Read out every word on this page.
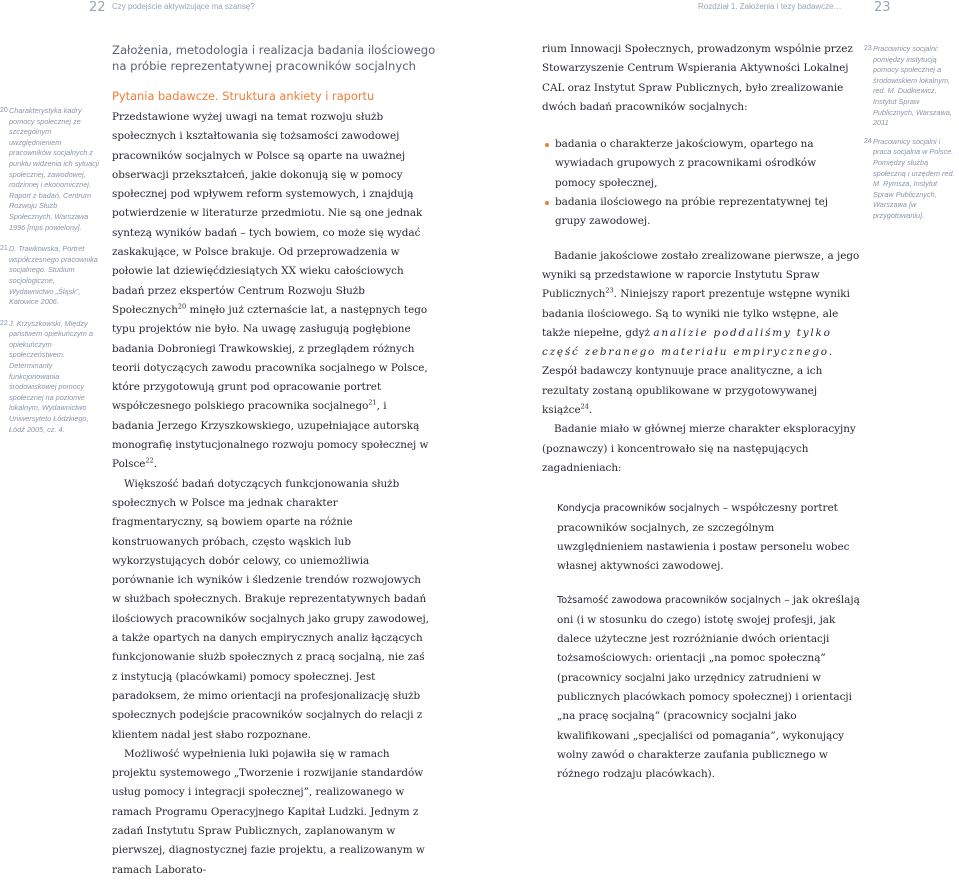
22 Czy podejście aktywizujące ma szansę?	Rozdział 1. Założenia i tezy badawcze… 23

20 Charakterystyka kadry pomocy społecznej ze szczególnym uwzględnieniem pracowników socjalnych z punktu widzenia ich sytuacji społecznej, zawodowej, rodzinnej i ekonomicznej. Raport z badań, Centrum Rozwoju Służb Społecznych, Warszawa 1996 [mps powielony].

21 D. Trawkowska, Portret współczesnego pracownika socjalnego. Studium socjologiczne, Wydawnictwo „Śląsk”, Katowice 2006.

22 J. Krzyszkowski, Między państwem opiekuńczym a opiekuńczym społeczeństwem. Determinanty funkcjonowania środowiskowej pomocy społecznej na poziomie lokalnym, Wydawnictwo Uniwersytetu Łódzkiego, Łódź 2005, cz. 4.

Założenia, metodologia i realizacja badania ilościowego na próbie reprezentatywnej pracowników socjalnych
Pytania badawcze. Struktura ankiety i raportu

Przedstawione wyżej uwagi na temat rozwoju służb społecznych i kształtowania się tożsamości zawodowej pracowników socjalnych w Polsce są oparte na uważnej obserwacji przekształceń, jakie dokonują się w pomocy społecznej pod wpływem reform systemowych, i znajdują potwierdzenie w literaturze przedmiotu. Nie są one jednak syntezą wyników badań – tych bowiem, co może się wydać zaskakujące, w Polsce brakuje. Od przeprowadzenia w połowie lat dziewięćdziesiątych XX wieku całościowych badań przez ekspertów Centrum Rozwoju Służb Społecznych$^{20}$ minęło już czternaście lat, a następnych tego typu projektów nie było. Na uwagę zasługują pogłębione badania Dobroniegi Trawkowskiej, z przeglądem różnych teorii dotyczących zawodu pracownika socjalnego w Polsce, które przygotowują grunt pod opracowanie portret współczesnego polskiego pracownika socjalnego$^{21}$, i badania Jerzego Krzyszkowskiego, uzupełniające autorską monografię instytucjonalnego rozwoju pomocy społecznej w Polsce$^{22}$.

Większość badań dotyczących funkcjonowania służb społecznych w Polsce ma jednak charakter fragmentaryczny, są bowiem oparte na różnie konstruowanych próbach, często wąskich lub wykorzystujących dobór celowy, co uniemożliwia porównanie ich wyników i śledzenie trendów rozwojowych w służbach społecznych. Brakuje reprezentatywnych badań ilościowych pracowników socjalnych jako grupy zawodowej, a także opartych na danych empirycznych analiz łączących funkcjonowanie służb społecznych z pracą socjalną, nie zaś z instytucją (placówkami) pomocy społecznej. Jest paradoksem, że mimo orientacji na profesjonalizację służb społecznych podejście pracowników socjalnych do relacji z klientem nadal jest słabo rozpoznane.

Możliwość wypełnienia luki pojawiła się w ramach projektu systemowego „Tworzenie i rozwijanie standardów usług pomocy i integracji społecznej”, realizowanego w ramach Programu Operacyjnego Kapitał Ludzki. Jednym z zadań Instytutu Spraw Publicznych, zaplanowanym w pierwszej, diagnostycznej fazie projektu, a realizowanym w ramach Laborato-

rium Innowacji Społecznych, prowadzonym wspólnie przez Stowarzyszenie Centrum Wspierania Aktywności Lokalnej CAL oraz Instytut Spraw Publicznych, było zrealizowanie dwóch badań pracowników socjalnych:

badania o charakterze jakościowym, opartego na wywiadach grupowych z pracownikami ośrodków pomocy społecznej,

badania ilościowego na próbie reprezentatywnej tej grupy zawodowej.

Badanie jakościowe zostało zrealizowane pierwsze, a jego wyniki są przedstawione w raporcie Instytutu Spraw Publicznych$^{23}$. Niniejszy raport prezentuje wstępne wyniki badania ilościowego. Są to wyniki nie tylko wstępne, ale także niepełne, gdyż analizie poddaliśmy tylko część zebranego materiału empirycznego. Zespół badawczy kontynuuje prace analityczne, a ich rezultaty zostaną opublikowane w przygotowywanej książce$^{24}$.

Badanie miało w głównej mierze charakter eksploracyjny (poznawczy) i koncentrowało się na następujących zagadnieniach:

Kondycja pracowników socjalnych – współczesny portret pracowników socjalnych, ze szczególnym uwzględnieniem nastawienia i postaw personelu wobec własnej aktywności zawodowej.

Tożsamość zawodowa pracowników socjalnych – jak określają oni (i w stosunku do czego) istotę swojej profesji, jak dalece użyteczne jest rozróżnianie dwóch orientacji tożsamościowych: orientacji „na pomoc społeczną” (pracownicy socjalni jako urzędnicy zatrudnieni w publicznych placówkach pomocy społecznej) i orientacji „na pracę socjalną” (pracownicy socjalni jako kwalifikowani „specjaliści od pomagania”, wykonujący wolny zawód o charakterze zaufania publicznego w różnego rodzaju placówkach).

23 Pracownicy socjalni: pomiędzy instytucją pomocy społecznej a środowiskiem lokalnym, red. M. Dudkiewicz, Instytut Spraw Publicznych, Warszawa, 2011

24 Pracownicy socjalni i praca socjalna w Polsce. Pomiędzy służbą społeczną i urzędem red. M. Rymsza, Instytut Spraw Publicznych, Warszawa [w przygotowaniu].
